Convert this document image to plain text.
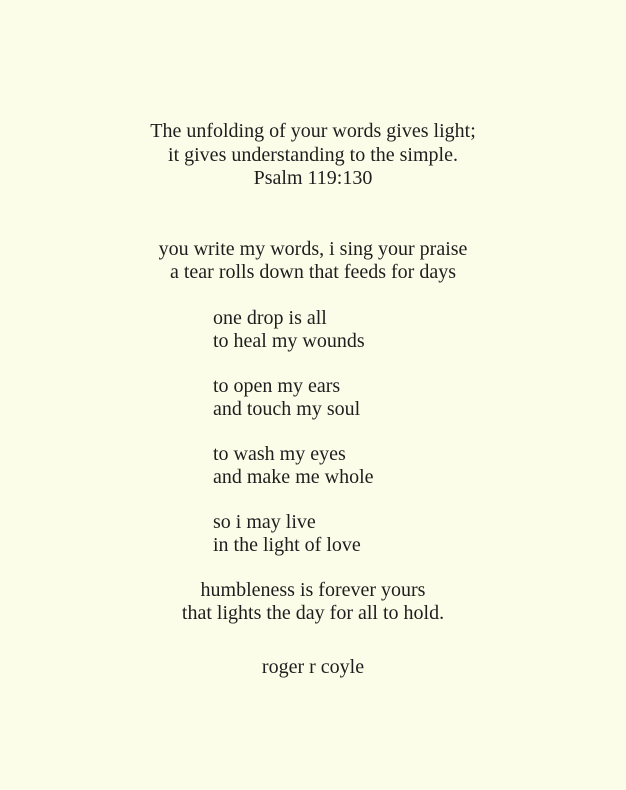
The unfolding of your words gives light;

it gives understanding to the simple.

Psalm 119:130

you write my words, i sing your praise

a tear rolls down that feeds for days

one drop is all

to heal my wounds

to open my ears

and touch my soul

to wash my eyes

and make me whole

so i may live

in the light of love

humbleness is forever yours

that lights the day for all to hold.

roger r coyle
